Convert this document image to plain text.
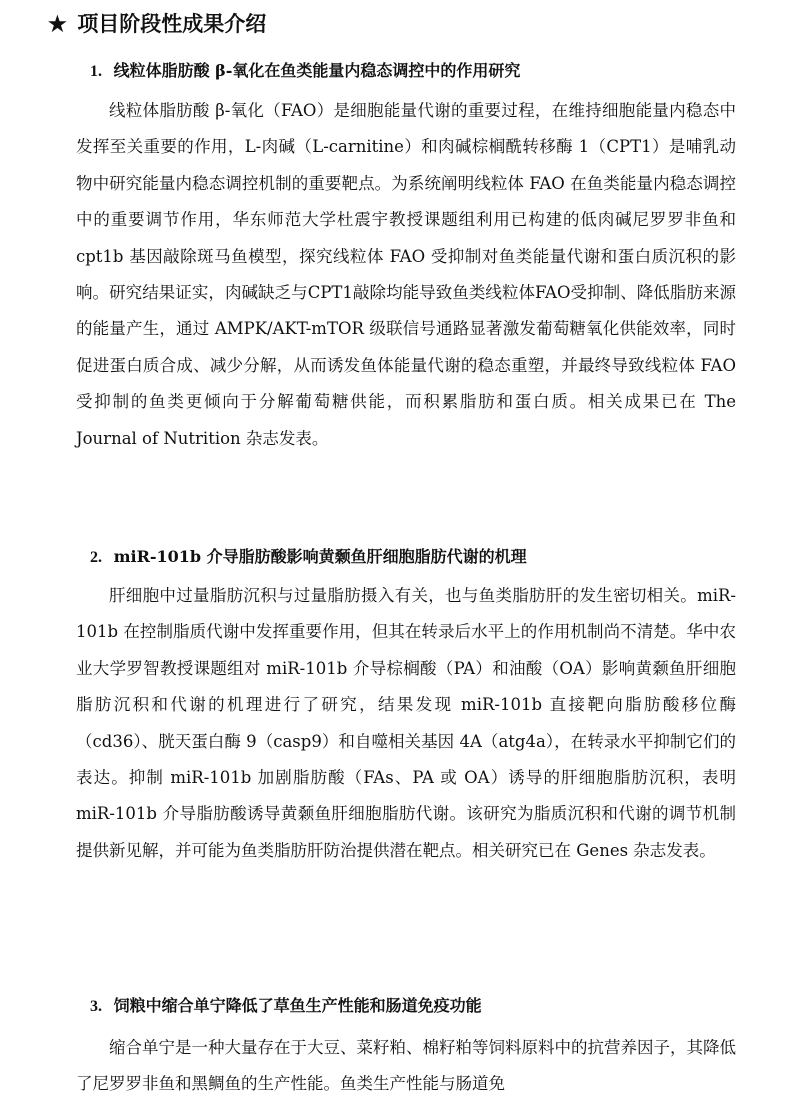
★ 项目阶段性成果介绍
1. 线粒体脂肪酸 β-氧化在鱼类能量内稳态调控中的作用研究

线粒体脂肪酸 β-氧化（FAO）是细胞能量代谢的重要过程，在维持细胞能量内稳态中发挥至关重要的作用，L-肉碱（L-carnitine）和肉碱棕榈酰转移酶 1（CPT1）是哺乳动物中研究能量内稳态调控机制的重要靶点。为系统阐明线粒体 FAO 在鱼类能量内稳态调控中的重要调节作用，华东师范大学杜震宇教授课题组利用已构建的低肉碱尼罗罗非鱼和 cpt1b 基因敲除斑马鱼模型，探究线粒体 FAO 受抑制对鱼类能量代谢和蛋白质沉积的影响。研究结果证实，肉碱缺乏与CPT1敲除均能导致鱼类线粒体FAO受抑制、降低脂肪来源的能量产生，通过 AMPK/AKT-mTOR 级联信号通路显著激发葡萄糖氧化供能效率，同时促进蛋白质合成、减少分解，从而诱发鱼体能量代谢的稳态重塑，并最终导致线粒体 FAO 受抑制的鱼类更倾向于分解葡萄糖供能，而积累脂肪和蛋白质。相关成果已在 The Journal of Nutrition 杂志发表。

2. miR-101b 介导脂肪酸影响黄颡鱼肝细胞脂肪代谢的机理

肝细胞中过量脂肪沉积与过量脂肪摄入有关，也与鱼类脂肪肝的发生密切相关。miR-101b 在控制脂质代谢中发挥重要作用，但其在转录后水平上的作用机制尚不清楚。华中农业大学罗智教授课题组对 miR-101b 介导棕榈酸（PA）和油酸（OA）影响黄颡鱼肝细胞脂肪沉积和代谢的机理进行了研究，结果发现 miR-101b 直接靶向脂肪酸移位酶（cd36）、胱天蛋白酶 9（casp9）和自噬相关基因 4A（atg4a），在转录水平抑制它们的表达。抑制 miR-101b 加剧脂肪酸（FAs、PA 或 OA）诱导的肝细胞脂肪沉积，表明 miR-101b 介导脂肪酸诱导黄颡鱼肝细胞脂肪代谢。该研究为脂质沉积和代谢的调节机制提供新见解，并可能为鱼类脂肪肝防治提供潜在靶点。相关研究已在 Genes 杂志发表。

3. 饲粮中缩合单宁降低了草鱼生产性能和肠道免疫功能

缩合单宁是一种大量存在于大豆、菜籽粕、棉籽粕等饲料原料中的抗营养因子，其降低了尼罗罗非鱼和黑鲷鱼的生产性能。鱼类生产性能与肠道免
